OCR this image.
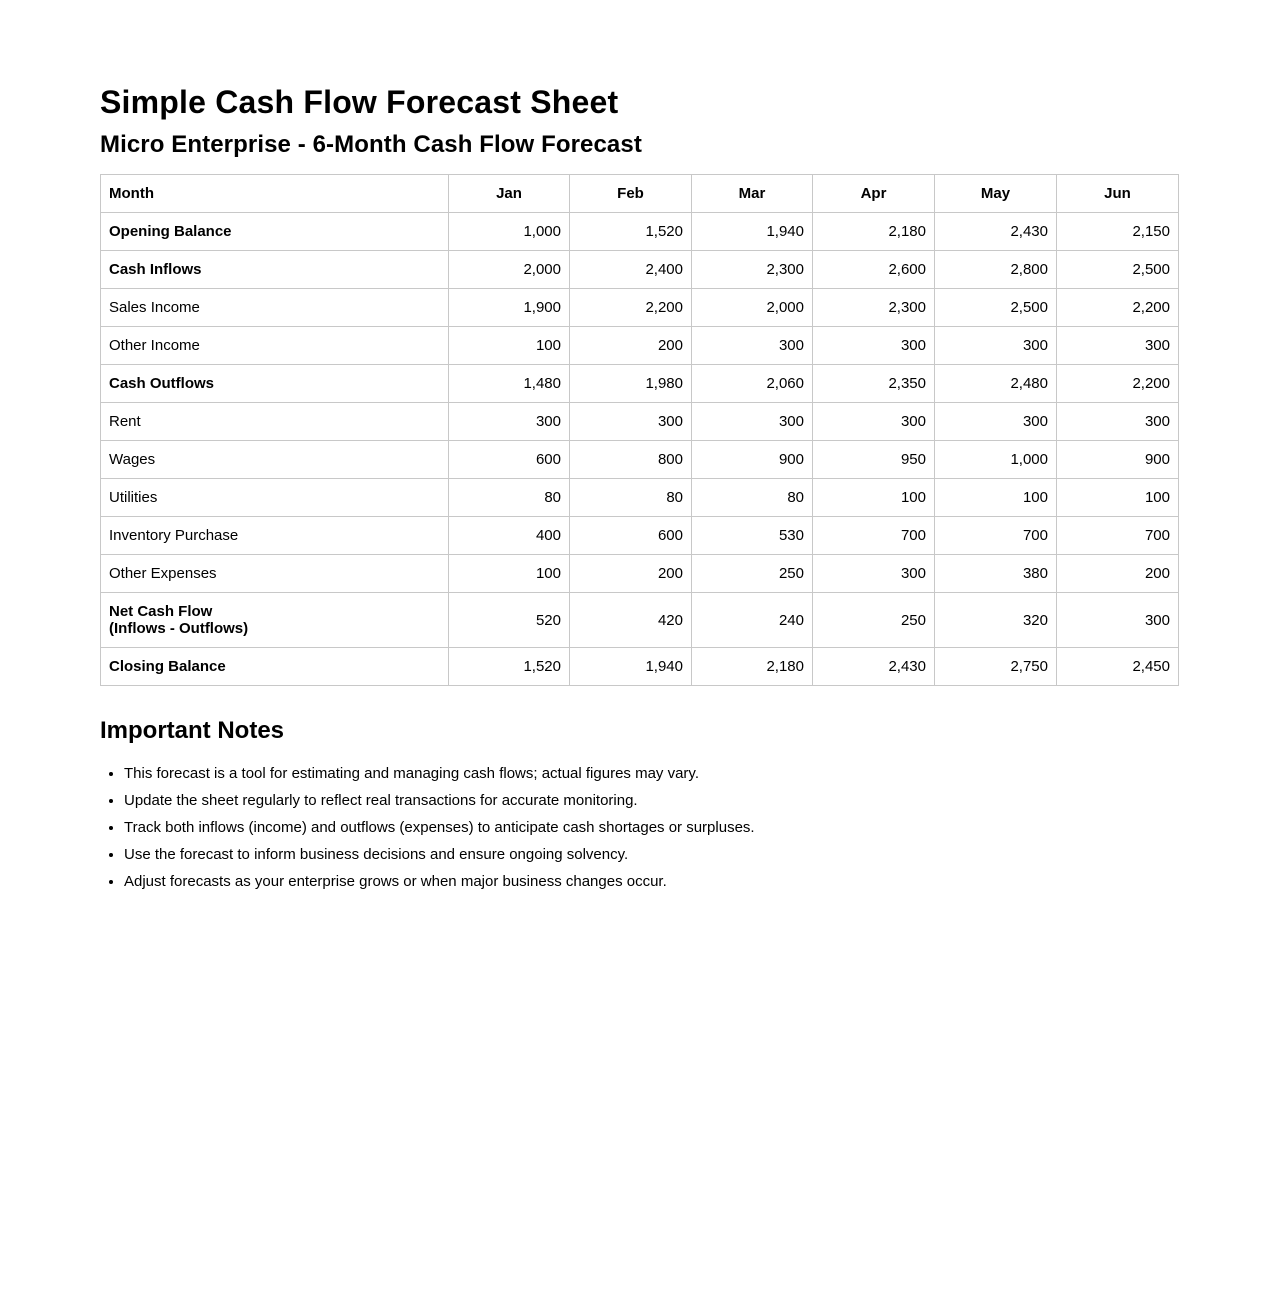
Simple Cash Flow Forecast Sheet
Micro Enterprise - 6-Month Cash Flow Forecast
Month	Jan	Feb	Mar	Apr	May	Jun

Opening Balance	1,000	1,520	1,940	2,180	2,430	2,150

Cash Inflows	2,000	2,400	2,300	2,600	2,800	2,500

Sales Income	1,900	2,200	2,000	2,300	2,500	2,200

Other Income	100	200	300	300	300	300

Cash Outflows	1,480	1,980	2,060	2,350	2,480	2,200

Rent	300	300	300	300	300	300

Wages	600	800	900	950	1,000	900

Utilities	80	80	80	100	100	100

Inventory Purchase	400	600	530	700	700	700

Other Expenses	100	200	250	300	380	200

Net Cash Flow
(Inflows - Outflows)	520	420	240	250	320	300

Closing Balance	1,520	1,940	2,180	2,430	2,750	2,450
Important Notes
• This forecast is a tool for estimating and managing cash flows; actual figures may vary.
• Update the sheet regularly to reflect real transactions for accurate monitoring.
• Track both inflows (income) and outflows (expenses) to anticipate cash shortages or surpluses.
• Use the forecast to inform business decisions and ensure ongoing solvency.
• Adjust forecasts as your enterprise grows or when major business changes occur.
